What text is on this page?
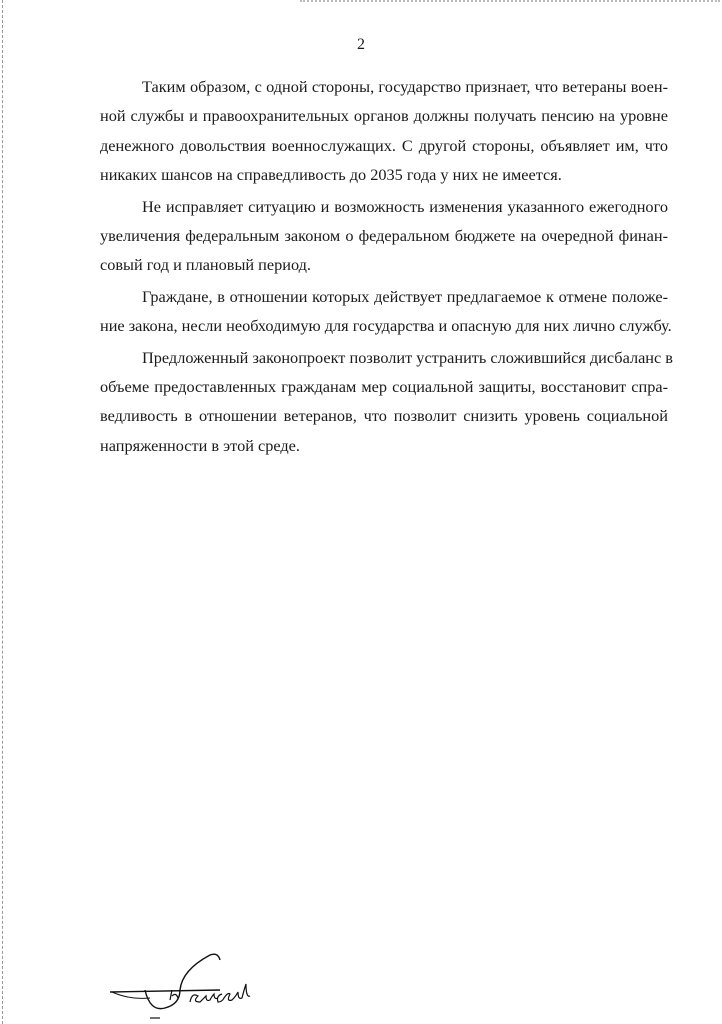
2
Таким образом, с одной стороны, государство признает, что ветераны воен-
ной службы и правоохранительных органов должны получать пенсию на уровне
денежного довольствия военнослужащих. С другой стороны, объявляет им, что
никаких шансов на справедливость до 2035 года у них не имеется.
Не исправляет ситуацию и возможность изменения указанного ежегодного
увеличения федеральным законом о федеральном бюджете на очередной финан-
совый год и плановый период.
Граждане, в отношении которых действует предлагаемое к отмене положе-
ние закона, несли необходимую для государства и опасную для них лично службу.
Предложенный законопроект позволит устранить сложившийся дисбаланс в
объеме предоставленных гражданам мер социальной защиты, восстановит спра-
ведливость в отношении ветеранов, что позволит снизить уровень социальной
напряженности в этой среде.
